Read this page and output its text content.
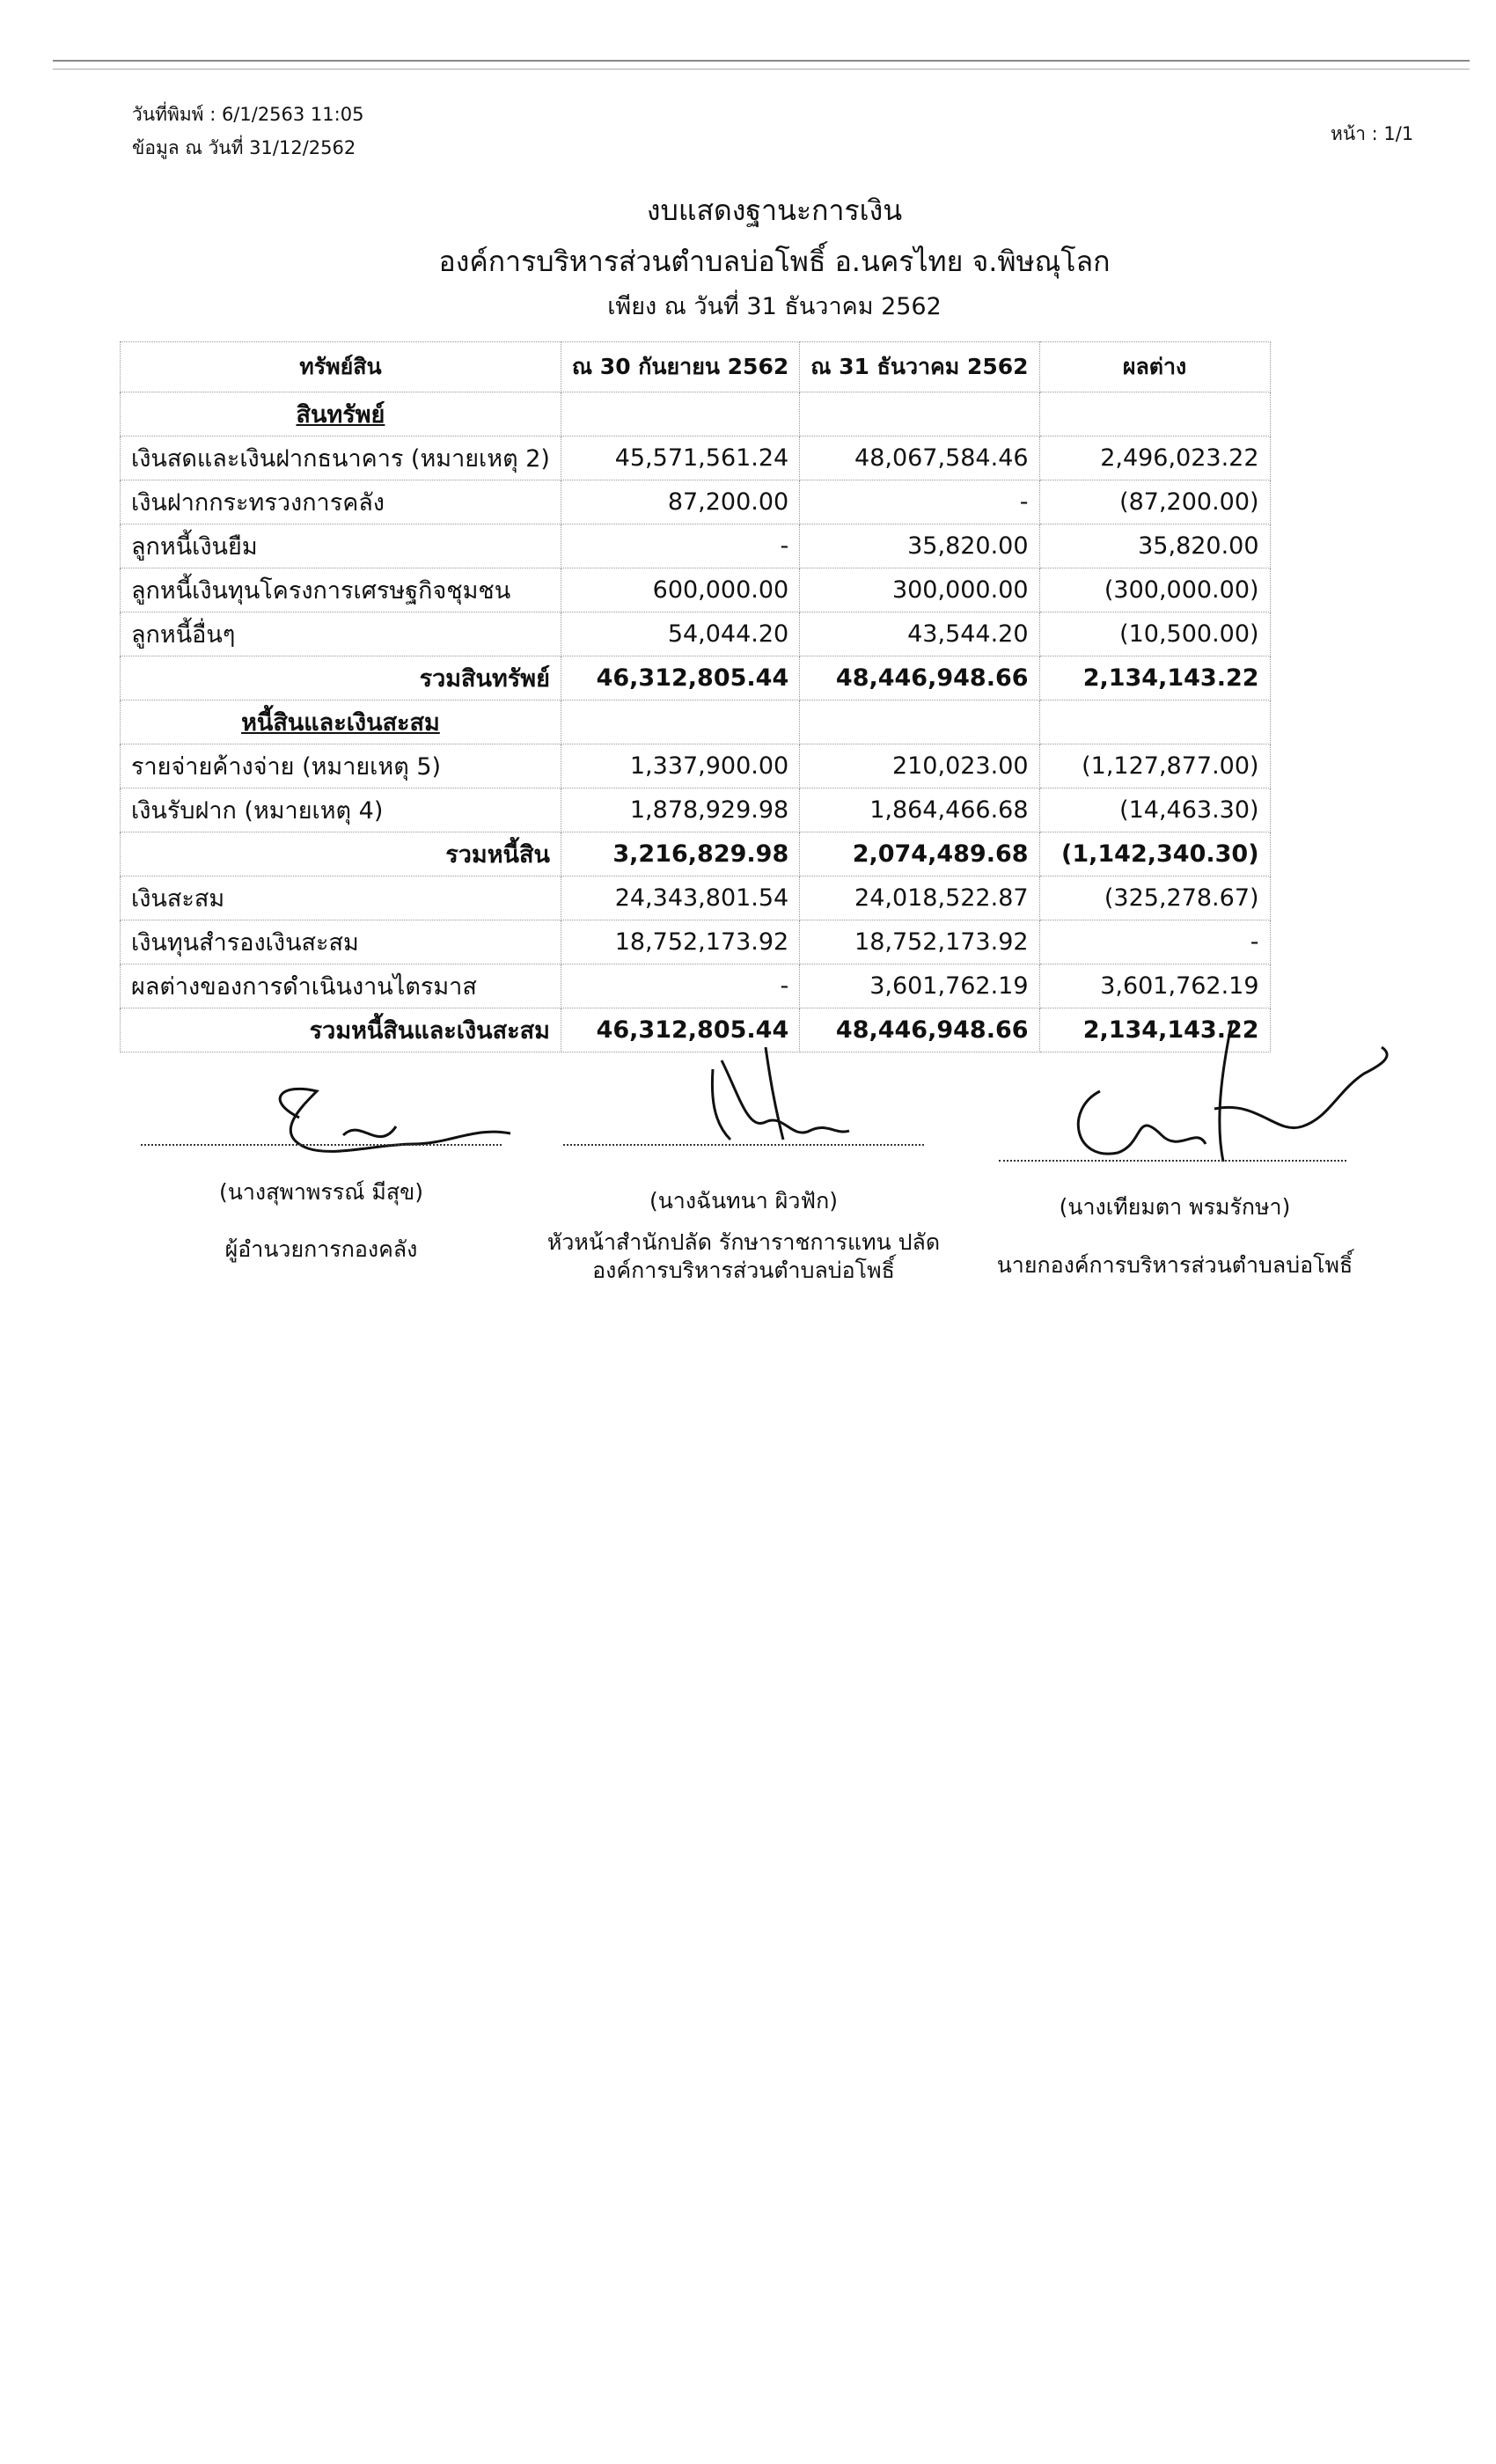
วันที่พิมพ์ : 6/1/2563 11:05
ข้อมูล ณ วันที่ 31/12/2562
หน้า : 1/1
งบแสดงฐานะการเงิน
องค์การบริหารส่วนตำบลบ่อโพธิ์ อ.นครไทย จ.พิษณุโลก
เพียง ณ วันที่ 31 ธันวาคม 2562
ทรัพย์สิน	ณ 30 กันยายน 2562	ณ 31 ธันวาคม 2562	ผลต่าง
สินทรัพย์			
เงินสดและเงินฝากธนาคาร (หมายเหตุ 2)	45,571,561.24	48,067,584.46	2,496,023.22
เงินฝากกระทรวงการคลัง	87,200.00	-	(87,200.00)
ลูกหนี้เงินยืม	-	35,820.00	35,820.00
ลูกหนี้เงินทุนโครงการเศรษฐกิจชุมชน	600,000.00	300,000.00	(300,000.00)
ลูกหนี้อื่นๆ	54,044.20	43,544.20	(10,500.00)
รวมสินทรัพย์	46,312,805.44	48,446,948.66	2,134,143.22
หนี้สินและเงินสะสม			
รายจ่ายค้างจ่าย (หมายเหตุ 5)	1,337,900.00	210,023.00	(1,127,877.00)
เงินรับฝาก (หมายเหตุ 4)	1,878,929.98	1,864,466.68	(14,463.30)
รวมหนี้สิน	3,216,829.98	2,074,489.68	(1,142,340.30)
เงินสะสม	24,343,801.54	24,018,522.87	(325,278.67)
เงินทุนสำรองเงินสะสม	18,752,173.92	18,752,173.92	-
ผลต่างของการดำเนินงานไตรมาส	-	3,601,762.19	3,601,762.19
รวมหนี้สินและเงินสะสม	46,312,805.44	48,446,948.66	2,134,143.22
(นางสุพาพรรณ์ มีสุข)
ผู้อำนวยการกองคลัง
(นางฉันทนา ผิวฟัก)
หัวหน้าสำนักปลัด รักษาราชการแทน ปลัด
องค์การบริหารส่วนตำบลบ่อโพธิ์
(นางเทียมตา พรมรักษา)
นายกองค์การบริหารส่วนตำบลบ่อโพธิ์
